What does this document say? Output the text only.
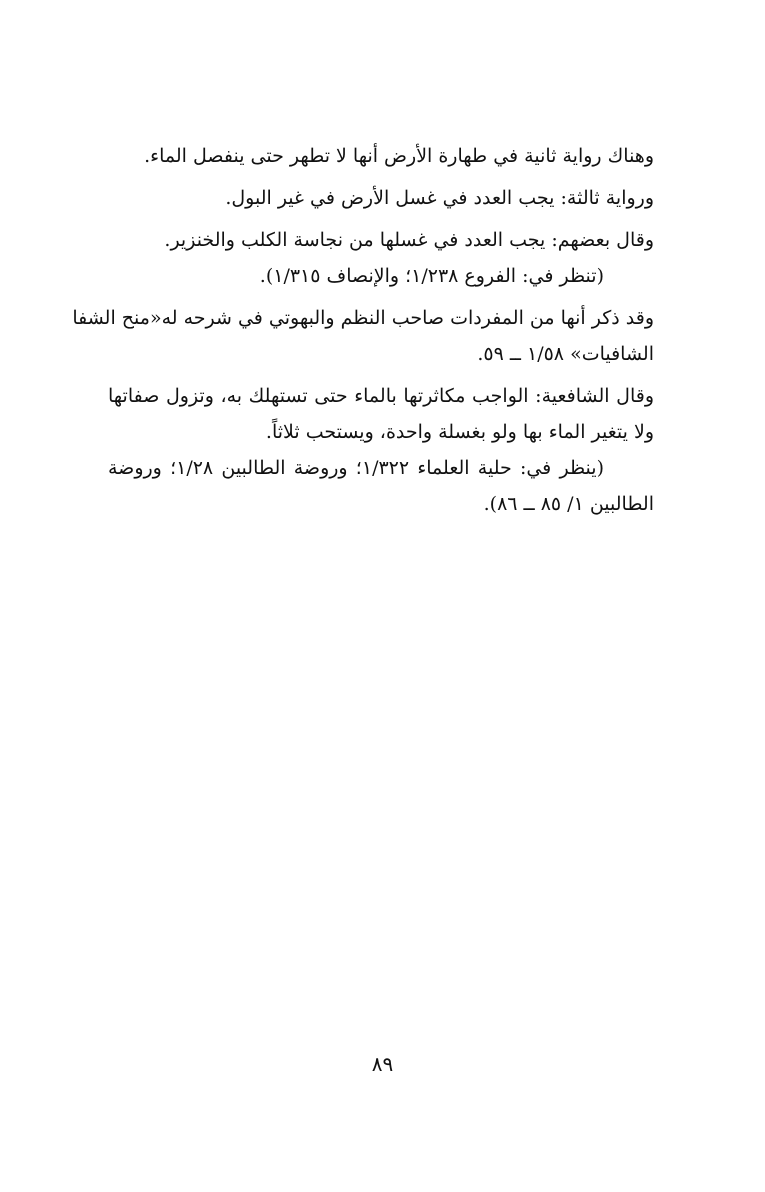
وهناك رواية ثانية في طهارة الأرض أنها لا تطهر حتى ينفصل الماء.
ورواية ثالثة: يجب العدد في غسل الأرض في غير البول.
وقال بعضهم: يجب العدد في غسلها من نجاسة الكلب والخنزير.
(تنظر في: الفروع ١/٢٣٨؛ والإنصاف ١/٣١٥).
وقد ذكر أنها من المفردات صاحب النظم والبهوتي في شرحه له«منح الشفا
الشافيات» ١/٥٨ ــ ٥٩.
وقال الشافعية: الواجب مكاثرتها بالماء حتى تستهلك به، وتزول صفاتها
ولا يتغير الماء بها ولو بغسلة واحدة، ويستحب ثلاثاً.
(ينظر في: حلية العلماء ١/٣٢٢؛ وروضة الطالبين ١/٢٨؛ وروضة
الطالبين ١/ ٨٥ ــ ٨٦).
٨٩
